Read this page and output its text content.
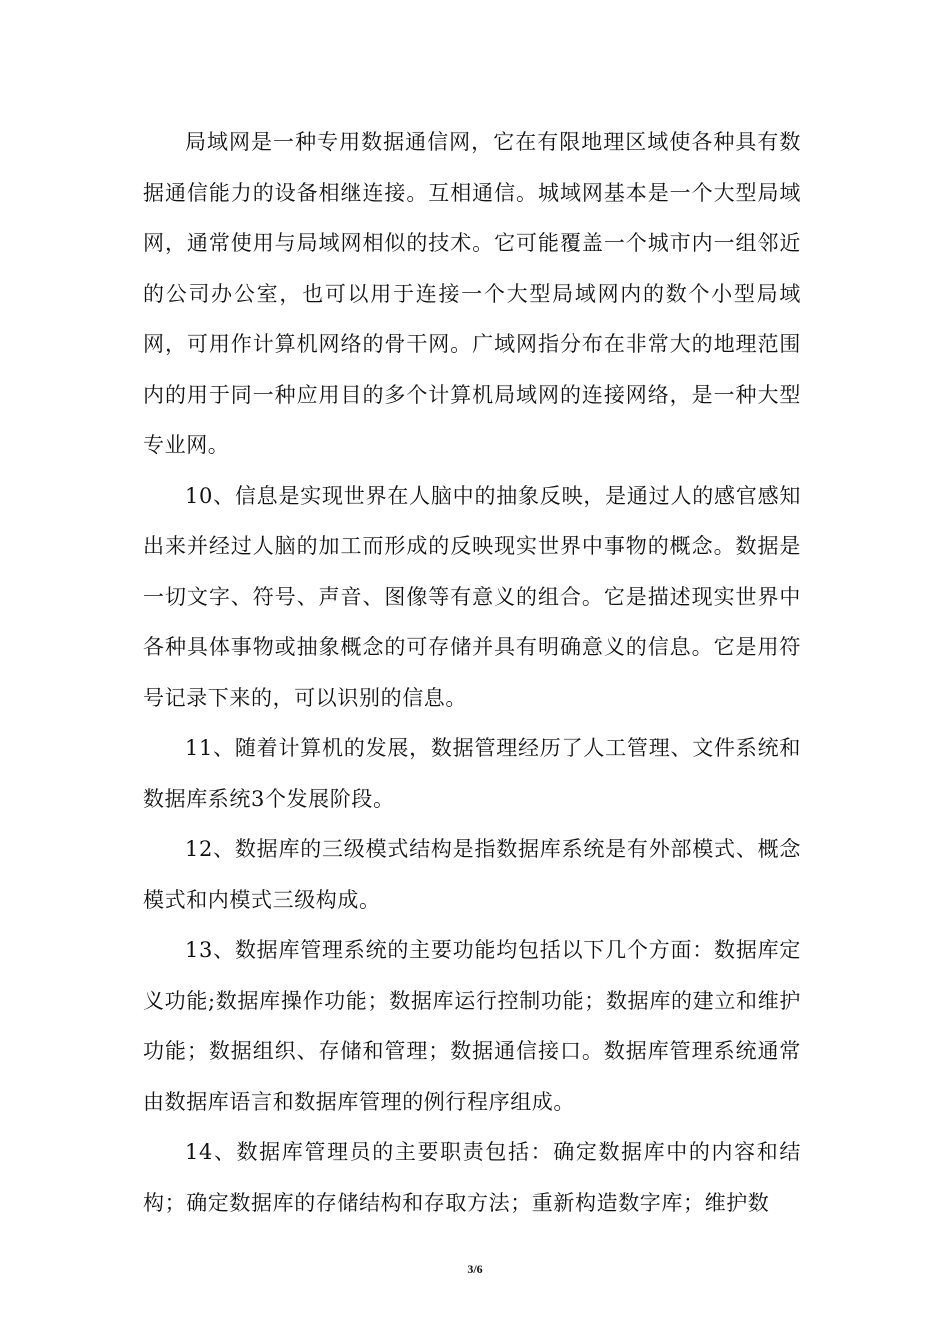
局域网是一种专用数据通信网，它在有限地理区域使各种具有数据通信能力的设备相继连接。互相通信。城域网基本是一个大型局域网，通常使用与局域网相似的技术。它可能覆盖一个城市内一组邻近的公司办公室，也可以用于连接一个大型局域网内的数个小型局域网，可用作计算机网络的骨干网。广域网指分布在非常大的地理范围内的用于同一种应用目的多个计算机局域网的连接网络，是一种大型专业网。

10、信息是实现世界在人脑中的抽象反映，是通过人的感官感知出来并经过人脑的加工而形成的反映现实世界中事物的概念。数据是一切文字、符号、声音、图像等有意义的组合。它是描述现实世界中各种具体事物或抽象概念的可存储并具有明确意义的信息。它是用符号记录下来的，可以识别的信息。

11、随着计算机的发展，数据管理经历了人工管理、文件系统和数据库系统3个发展阶段。

12、数据库的三级模式结构是指数据库系统是有外部模式、概念模式和内模式三级构成。

13、数据库管理系统的主要功能均包括以下几个方面：数据库定义功能;数据库操作功能；数据库运行控制功能；数据库的建立和维护功能；数据组织、存储和管理；数据通信接口。数据库管理系统通常由数据库语言和数据库管理的例行程序组成。

14、数据库管理员的主要职责包括：确定数据库中的内容和结构；确定数据库的存储结构和存取方法；重新构造数字库；维护数

3/6
